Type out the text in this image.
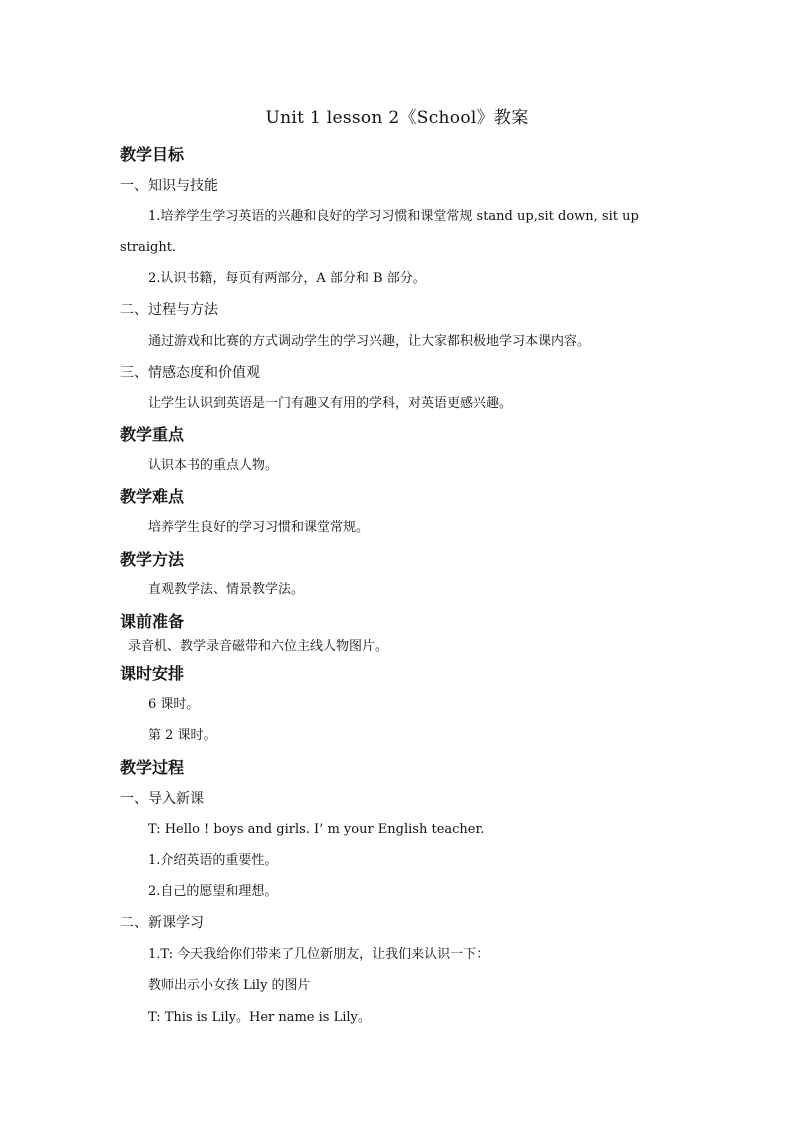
Unit 1 lesson 2《School》教案
教学目标
一、知识与技能
1.培养学生学习英语的兴趣和良好的学习习惯和课堂常规 stand up,sit down, sit up
straight.
2.认识书籍，每页有两部分，A 部分和 B 部分。
二、过程与方法
通过游戏和比赛的方式调动学生的学习兴趣，让大家都积极地学习本课内容。
三、情感态度和价值观
让学生认识到英语是一门有趣又有用的学科，对英语更感兴趣。
教学重点
认识本书的重点人物。
教学难点
培养学生良好的学习习惯和课堂常规。
教学方法
直观教学法、情景教学法。
课前准备
录音机、教学录音磁带和六位主线人物图片。
课时安排
6 课时。
第 2 课时。
教学过程
一、导入新课
T: Hello ! boys and girls. I’ m your English teacher.
1.介绍英语的重要性。
2.自己的愿望和理想。
二、新课学习
1.T: 今天我给你们带来了几位新朋友，让我们来认识一下：
教师出示小女孩 Lily 的图片
T: This is Lily。Her name is Lily。
